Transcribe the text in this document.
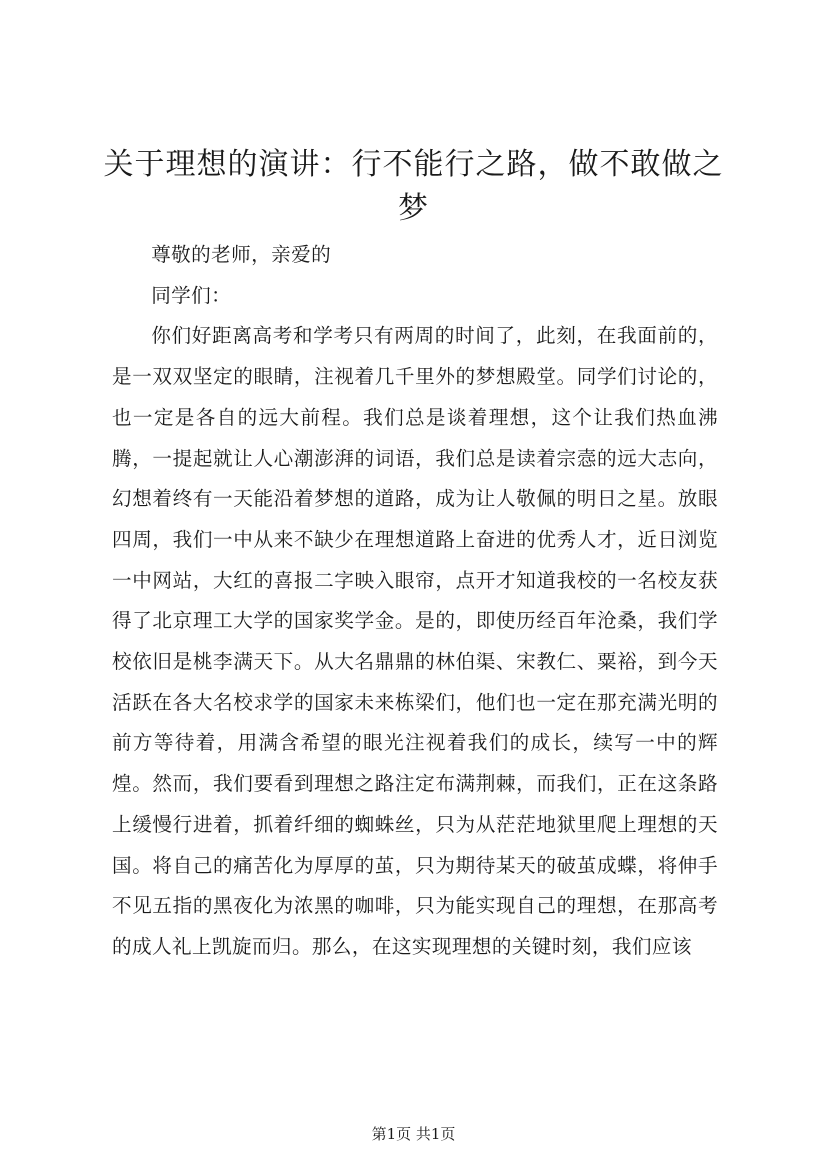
关于理想的演讲：行不能行之路，做不敢做之梦

尊敬的老师，亲爱的

同学们：

你们好距离高考和学考只有两周的时间了，此刻，在我面前的，是一双双坚定的眼睛，注视着几千里外的梦想殿堂。同学们讨论的，也一定是各自的远大前程。我们总是谈着理想，这个让我们热血沸腾，一提起就让人心潮澎湃的词语，我们总是读着宗悫的远大志向，幻想着终有一天能沿着梦想的道路，成为让人敬佩的明日之星。放眼四周，我们一中从来不缺少在理想道路上奋进的优秀人才，近日浏览一中网站，大红的喜报二字映入眼帘，点开才知道我校的一名校友获得了北京理工大学的国家奖学金。是的，即使历经百年沧桑，我们学校依旧是桃李满天下。从大名鼎鼎的林伯渠、宋教仁、粟裕，到今天活跃在各大名校求学的国家未来栋梁们，他们也一定在那充满光明的前方等待着，用满含希望的眼光注视着我们的成长，续写一中的辉煌。然而，我们要看到理想之路注定布满荆棘，而我们，正在这条路上缓慢行进着，抓着纤细的蜘蛛丝，只为从茫茫地狱里爬上理想的天国。将自己的痛苦化为厚厚的茧，只为期待某天的破茧成蝶，将伸手不见五指的黑夜化为浓黑的咖啡，只为能实现自己的理想，在那高考的成人礼上凯旋而归。那么，在这实现理想的关键时刻，我们应该

第1页 共1页
